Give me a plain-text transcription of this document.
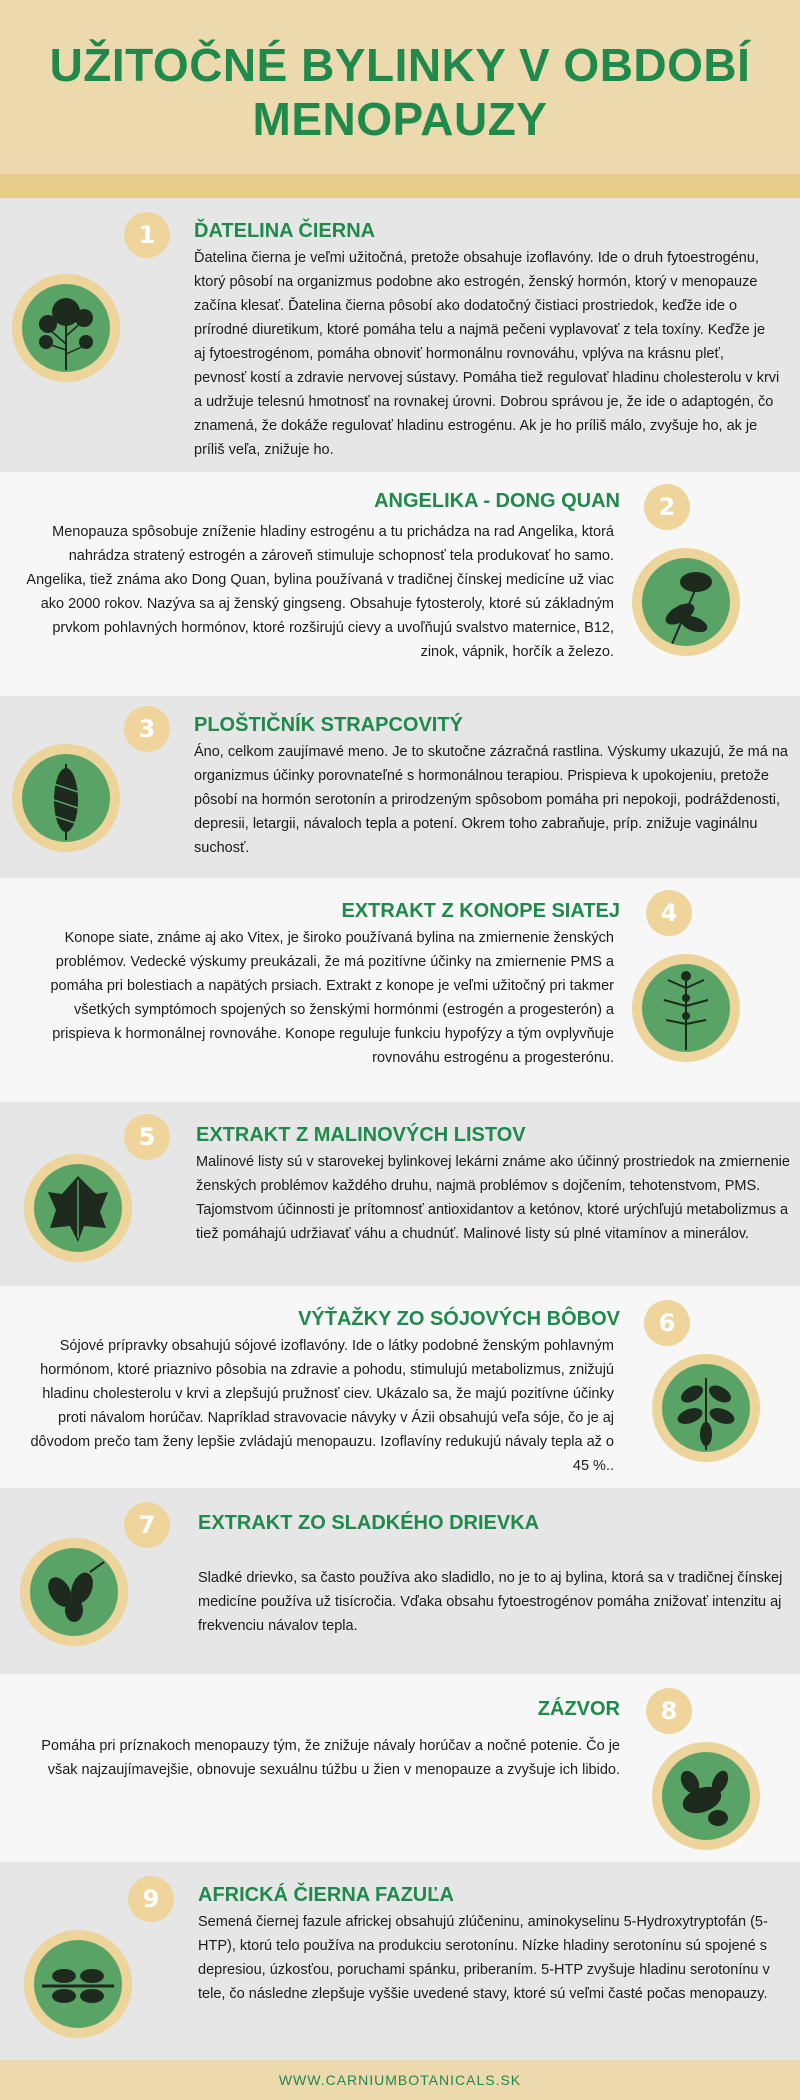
UŽITOČNÉ BYLINKY V OBDOBÍ MENOPAUZY
1	ĎATELINA ČIERNA

Ďatelina čierna je veľmi užitočná, pretože obsahuje izoflavóny. Ide o druh fytoestrogénu, ktorý pôsobí na organizmus podobne ako estrogén, ženský hormón, ktorý v menopauze začína klesať. Ďatelina čierna pôsobí ako dodatočný čistiaci prostriedok, keďže ide o prírodné diuretikum, ktoré pomáha telu a najmä pečeni vyplavovať z tela toxíny. Keďže je aj fytoestrogénom, pomáha obnoviť hormonálnu rovnováhu, vplýva na krásnu pleť, pevnosť kostí a zdravie nervovej sústavy. Pomáha tiež regulovať hladinu cholesterolu v krvi a udržuje telesnú hmotnosť na rovnakej úrovni. Dobrou správou je, že ide o adaptogén, čo znamená, že dokáže regulovať hladinu estrogénu. Ak je ho príliš málo, zvyšuje ho, ak je príliš veľa, znižuje ho.

2
ANGELIKA - DONG QUAN

Menopauza spôsobuje zníženie hladiny estrogénu a tu prichádza na rad Angelika, ktorá nahrádza stratený estrogén a zároveň stimuluje schopnosť tela produkovať ho samo. Angelika, tiež známa ako Dong Quan, bylina používaná v tradičnej čínskej medicíne už viac ako 2000 rokov. Nazýva sa aj ženský gingseng. Obsahuje fytosteroly, ktoré sú základným prvkom pohlavných hormónov, ktoré rozširujú cievy a uvoľňujú svalstvo maternice, B12, zinok, vápnik, horčík a železo.

3	PLOŠTIČNÍK STRAPCOVITÝ

Áno, celkom zaujímavé meno. Je to skutočne zázračná rastlina. Výskumy ukazujú, že má na organizmus účinky porovnateľné s hormonálnou terapiou. Prispieva k upokojeniu, pretože pôsobí na hormón serotonín a prirodzeným spôsobom pomáha pri nepokoji, podráždenosti, depresii, letargii, návaloch tepla a potení. Okrem toho zabraňuje, príp. znižuje vaginálnu suchosť.

4
EXTRAKT Z KONOPE SIATEJ

Konope siate, známe aj ako Vitex, je široko používaná bylina na zmiernenie ženských problémov. Vedecké výskumy preukázali, že má pozitívne účinky na zmiernenie PMS a pomáha pri bolestiach a napätých prsiach. Extrakt z konope je veľmi užitočný pri takmer všetkých symptómoch spojených so ženskými hormónmi (estrogén a progesterón) a prispieva k hormonálnej rovnováhe. Konope reguluje funkciu hypofýzy a tým ovplyvňuje rovnováhu estrogénu a progesterónu.

5	EXTRAKT Z MALINOVÝCH LISTOV

Malinové listy sú v starovekej bylinkovej lekárni známe ako účinný prostriedok na zmiernenie ženských problémov každého druhu, najmä problémov s dojčením, tehotenstvom, PMS. Tajomstvom účinnosti je prítomnosť antioxidantov a ketónov, ktoré urýchľujú metabolizmus a tiež pomáhajú udržiavať váhu a chudnúť. Malinové listy sú plné vitamínov a minerálov.

6
VÝŤAŽKY ZO SÓJOVÝCH BÔBOV

Sójové prípravky obsahujú sójové izoflavóny. Ide o látky podobné ženským pohlavným hormónom, ktoré priaznivo pôsobia na zdravie a pohodu, stimulujú metabolizmus, znižujú hladinu cholesterolu v krvi a zlepšujú pružnosť ciev. Ukázalo sa, že majú pozitívne účinky proti návalom horúčav. Napríklad stravovacie návyky v Ázii obsahujú veľa sóje, čo je aj dôvodom prečo tam ženy lepšie zvládajú menopauzu. Izoflavíny redukujú návaly tepla až o 45 %..

7	EXTRAKT ZO SLADKÉHO DRIEVKA

Sladké drievko, sa často používa ako sladidlo, no je to aj bylina, ktorá sa v tradičnej čínskej medicíne používa už tisícročia. Vďaka obsahu fytoestrogénov pomáha znižovať intenzitu aj frekvenciu návalov tepla.

8
ZÁZVOR

Pomáha pri príznakoch menopauzy tým, že znižuje návaly horúčav a nočné potenie. Čo je však najzaujímavejšie, obnovuje sexuálnu túžbu u žien v menopauze a zvyšuje ich libido.

9	AFRICKÁ ČIERNA FAZUĽA

Semená čiernej fazule africkej obsahujú zlúčeninu, aminokyselinu 5-Hydroxytryptofán (5-HTP), ktorú telo používa na produkciu serotonínu. Nízke hladiny serotonínu sú spojené s depresiou, úzkosťou, poruchami spánku, priberaním. 5-HTP zvyšuje hladinu serotonínu v tele, čo následne zlepšuje vyššie uvedené stavy, ktoré sú veľmi časté počas menopauzy.

WWW.CARNIUMBOTANICALS.SK
